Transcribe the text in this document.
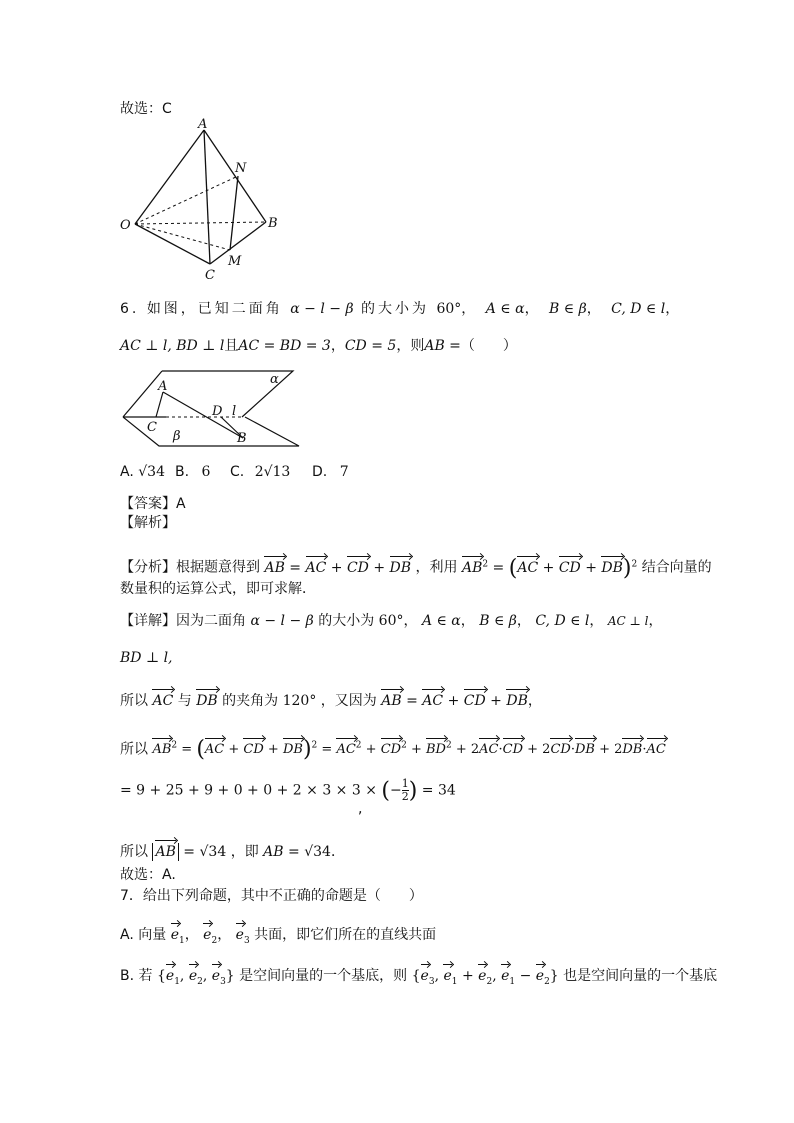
故选：C
A
N
O	B
C
M
6. 如图，已知二面角 α − l − β 的大小为 60°， A ∈ α， B ∈ β， C, D ∈ l，
AC ⊥ l, BD ⊥ l且AC = BD = 3，CD = 5，则AB =（　　）
α
A
D l
C
β	B
A. √34 B. 6 C. 2√13 D. 7
【答案】A
【解析】
【分析】根据题意得到 AB = AC + CD + DB ，利用 $AB^2 = (AC$ + CD + DB)$^2$ 结合向量的
数量积的运算公式，即可求解．
【详解】因为二面角 α − l − β 的大小为 60°， A ∈ α， B ∈ β， C, D ∈ l， AC ⊥ l，
BD ⊥ l,
所以 AC 与 DB 的夹角为 120° ，又因为 AB = AC + CD + DB，
所以 $AB^2 = (AC$ + CD + $DB)^2 = AC^2 + CD^2 + BD^2 + 2AC\cdot CD + 2CD\cdot DB + 2DB\cdot AC$
= 9 + 25 + 9 + 0 + 0 + 2 × 3 × 3 × (− $\frac{1}{2}$ ) = 34
,
所以 AB = √34 ，即 AB = √34．
故选：A.
7．给出下列命题，其中不正确的命题是（　　）
A. 向量 $e_1$， $e_2$， $e_3$ 共面，即它们所在的直线共面
B. 若 {$e_1$, $e_2$, $e_3$} 是空间向量的一个基底，则 {$e_3$, $e_1 + e_2$, $e_1 - e_2$} 也是空间向量的一个基底
